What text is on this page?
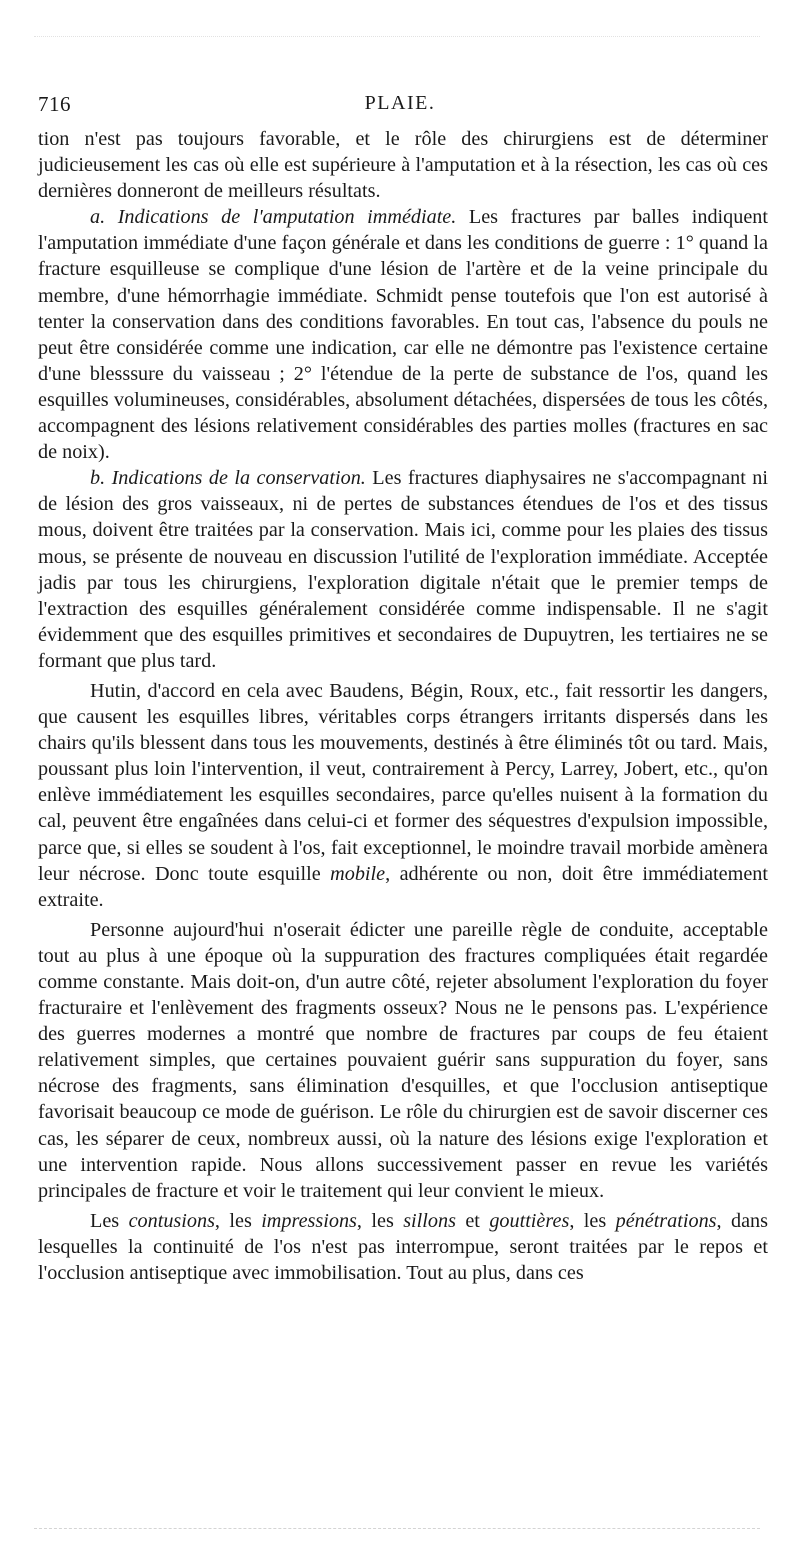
716	PLAIE.

tion n'est pas toujours favorable, et le rôle des chirurgiens est de déterminer judicieusement les cas où elle est supérieure à l'amputation et à la résection, les cas où ces dernières donneront de meilleurs résultats.

a. Indications de l'amputation immédiate. Les fractures par balles indiquent l'amputation immédiate d'une façon générale et dans les conditions de guerre : 1° quand la fracture esquilleuse se complique d'une lésion de l'artère et de la veine principale du membre, d'une hémorrhagie immédiate. Schmidt pense toutefois que l'on est autorisé à tenter la conservation dans des conditions favorables. En tout cas, l'absence du pouls ne peut être considérée comme une indication, car elle ne démontre pas l'existence certaine d'une blesssure du vaisseau ; 2° l'étendue de la perte de substance de l'os, quand les esquilles volumineuses, considérables, absolument détachées, dispersées de tous les côtés, accompagnent des lésions relativement considérables des parties molles (fractures en sac de noix).

b. Indications de la conservation. Les fractures diaphysaires ne s'accompagnant ni de lésion des gros vaisseaux, ni de pertes de substances étendues de l'os et des tissus mous, doivent être traitées par la conservation. Mais ici, comme pour les plaies des tissus mous, se présente de nouveau en discussion l'utilité de l'exploration immédiate. Acceptée jadis par tous les chirurgiens, l'exploration digitale n'était que le premier temps de l'extraction des esquilles généralement considérée comme indispensable. Il ne s'agit évidemment que des esquilles primitives et secondaires de Dupuytren, les tertiaires ne se formant que plus tard.

Hutin, d'accord en cela avec Baudens, Bégin, Roux, etc., fait ressortir les dangers, que causent les esquilles libres, véritables corps étrangers irritants dispersés dans les chairs qu'ils blessent dans tous les mouvements, destinés à être éliminés tôt ou tard. Mais, poussant plus loin l'intervention, il veut, contrairement à Percy, Larrey, Jobert, etc., qu'on enlève immédiatement les esquilles secondaires, parce qu'elles nuisent à la formation du cal, peuvent être engaînées dans celui-ci et former des séquestres d'expulsion impossible, parce que, si elles se soudent à l'os, fait exceptionnel, le moindre travail morbide amènera leur nécrose. Donc toute esquille mobile, adhérente ou non, doit être immédiatement extraite.

Personne aujourd'hui n'oserait édicter une pareille règle de conduite, acceptable tout au plus à une époque où la suppuration des fractures compliquées était regardée comme constante. Mais doit-on, d'un autre côté, rejeter absolument l'exploration du foyer fracturaire et l'enlèvement des fragments osseux? Nous ne le pensons pas. L'expérience des guerres modernes a montré que nombre de fractures par coups de feu étaient relativement simples, que certaines pouvaient guérir sans suppuration du foyer, sans nécrose des fragments, sans élimination d'esquilles, et que l'occlusion antiseptique favorisait beaucoup ce mode de guérison. Le rôle du chirurgien est de savoir discerner ces cas, les séparer de ceux, nombreux aussi, où la nature des lésions exige l'exploration et une intervention rapide. Nous allons successivement passer en revue les variétés principales de fracture et voir le traitement qui leur convient le mieux.

Les contusions, les impressions, les sillons et gouttières, les pénétrations, dans lesquelles la continuité de l'os n'est pas interrompue, seront traitées par le repos et l'occlusion antiseptique avec immobilisation. Tout au plus, dans ces
